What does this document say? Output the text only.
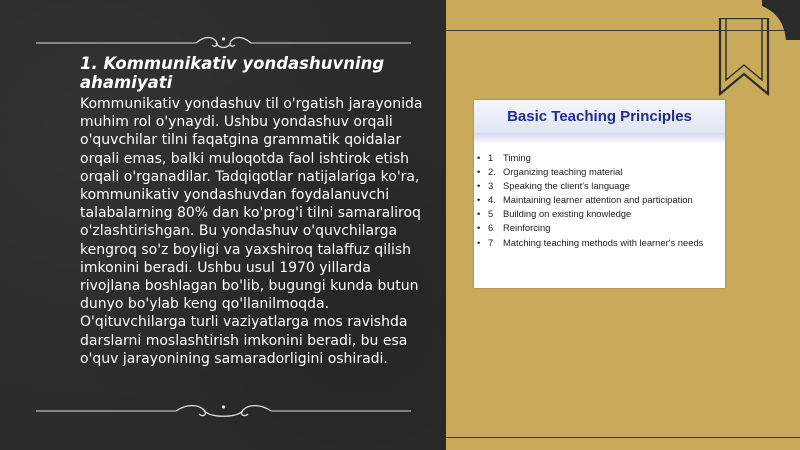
1. Kommunikativ yondashuvning ahamiyati

Kommunikativ yondashuv til o'rgatish jarayonida muhim rol o'ynaydi. Ushbu yondashuv orqali o'quvchilar tilni faqatgina grammatik qoidalar orqali emas, balki muloqotda faol ishtirok etish orqali o'rganadilar. Tadqiqotlar natijalariga ko'ra, kommunikativ yondashuvdan foydalanuvchi talabalarning 80% dan ko'prog'i tilni samaraliroq o'zlashtirishgan. Bu yondashuv o'quvchilarga kengroq so'z boyligi va yaxshiroq talaffuz qilish imkonini beradi. Ushbu usul 1970 yillarda rivojlana boshlagan bo'lib, bugungi kunda butun dunyo bo'ylab keng qo'llanilmoqda. O'qituvchilarga turli vaziyatlarga mos ravishda darslarni moslashtirish imkonini beradi, bu esa o'quv jarayonining samaradorligini oshiradi.

Basic Teaching Principles
• 1	Timing
• 2. Organizing teaching material
• 3	Speaking the client's language
• 4. Maintaining learner attention and participation
• 5	Building on existing knowledge
• 6	Reinforcing
• 7	Matching teaching methods with learner's needs
